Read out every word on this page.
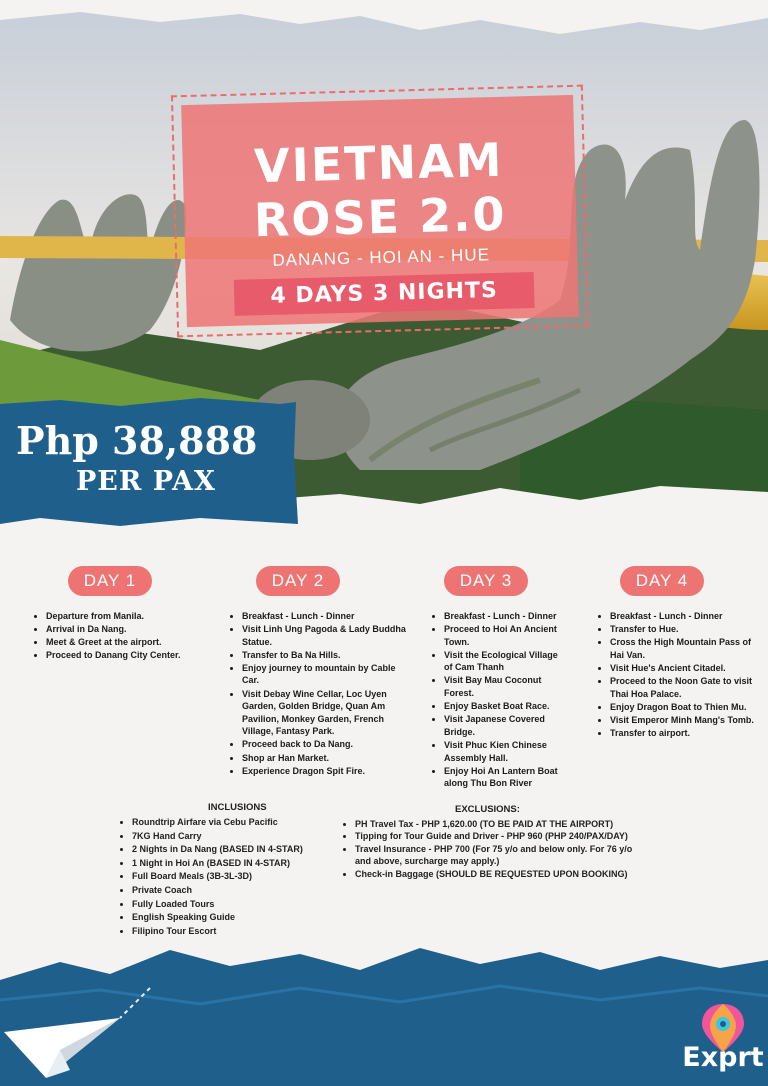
VIETNAM
ROSE 2.0
DANANG - HOI AN - HUE
4 DAYS 3 NIGHTS
Php 38,888
PER PAX
DAY 1
• Departure from Manila.
• Arrival in Da Nang.
• Meet & Greet at the airport.
• Proceed to Danang City Center.
DAY 2
• Breakfast - Lunch - Dinner
• Visit Linh Ung Pagoda & Lady Buddha Statue.
• Transfer to Ba Na Hills.
• Enjoy journey to mountain by Cable Car.
• Visit Debay Wine Cellar, Loc Uyen Garden, Golden Bridge, Quan Am Pavilion, Monkey Garden, French Village, Fantasy Park.
• Proceed back to Da Nang.
• Shop ar Han Market.
• Experience Dragon Spit Fire.
DAY 3
• Breakfast - Lunch - Dinner
• Proceed to Hoi An Ancient Town.
• Visit the Ecological Village of Cam Thanh
• Visit Bay Mau Coconut Forest.
• Enjoy Basket Boat Race.
• Visit Japanese Covered Bridge.
• Visit Phuc Kien Chinese Assembly Hall.
• Enjoy Hoi An Lantern Boat along Thu Bon River
DAY 4
• Breakfast - Lunch - Dinner
• Transfer to Hue.
• Cross the High Mountain Pass of Hai Van.
• Visit Hue's Ancient Citadel.
• Proceed to the Noon Gate to visit Thai Hoa Palace.
• Enjoy Dragon Boat to Thien Mu.
• Visit Emperor Minh Mang's Tomb.
• Transfer to airport.
INCLUSIONS
• Roundtrip Airfare via Cebu Pacific
• 7KG Hand Carry
• 2 Nights in Da Nang (BASED IN 4-STAR)
• 1 Night in Hoi An (BASED IN 4-STAR)
• Full Board Meals (3B-3L-3D)
• Private Coach
• Fully Loaded Tours
• English Speaking Guide
• Filipino Tour Escort
EXCLUSIONS:
• PH Travel Tax - PHP 1,620.00 (TO BE PAID AT THE AIRPORT)
• Tipping for Tour Guide and Driver - PHP 960 (PHP 240/PAX/DAY)
• Travel Insurance - PHP 700 (For 75 y/o and below only. For 76 y/o and above, surcharge may apply.)
• Check-in Baggage (SHOULD BE REQUESTED UPON BOOKING)
Exprt
